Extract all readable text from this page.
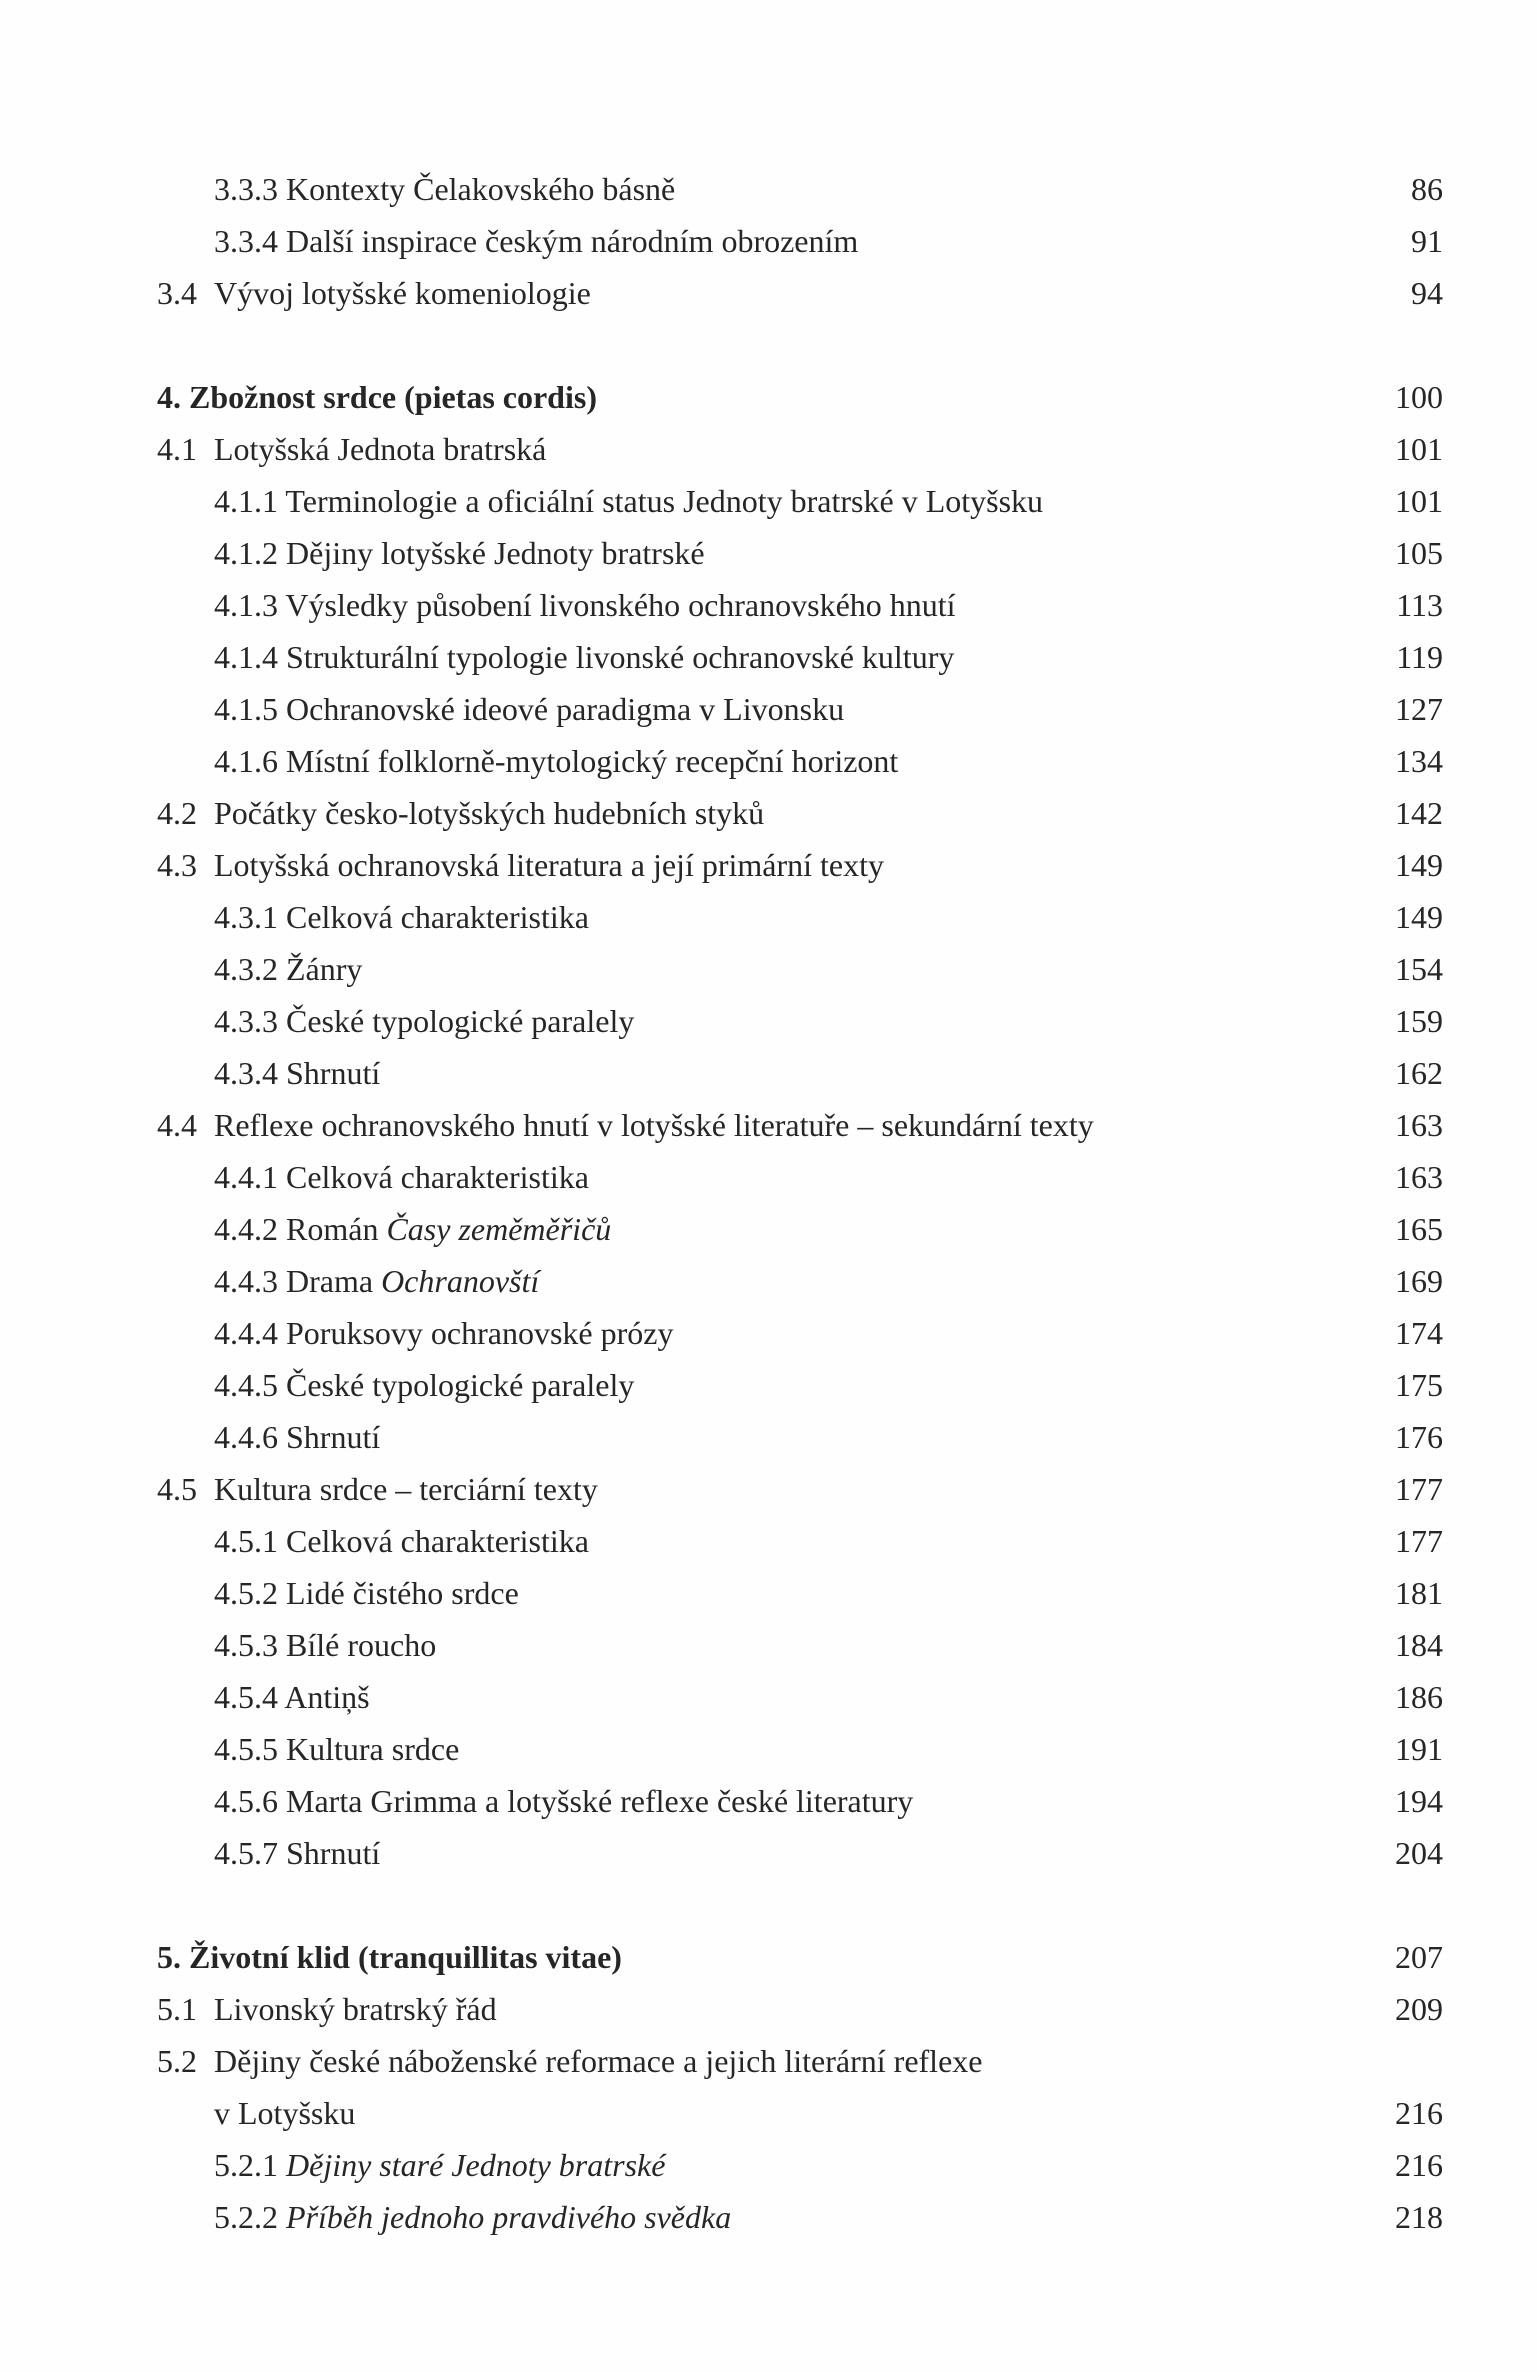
3.3.3 Kontexty Čelakovského básně	86
3.3.4 Další inspirace českým národním obrozením	91
3.4 Vývoj lotyšské komeniologie	94
4. Zbožnost srdce (pietas cordis)	100
4.1 Lotyšská Jednota bratrská	101
4.1.1 Terminologie a oficiální status Jednoty bratrské v Lotyšsku	101
4.1.2 Dějiny lotyšské Jednoty bratrské	105
4.1.3 Výsledky působení livonského ochranovského hnutí	113
4.1.4 Strukturální typologie livonské ochranovské kultury	119
4.1.5 Ochranovské ideové paradigma v Livonsku	127
4.1.6 Místní folklorně-mytologický recepční horizont	134
4.2 Počátky česko-lotyšských hudebních styků	142
4.3 Lotyšská ochranovská literatura a její primární texty	149
4.3.1 Celková charakteristika	149
4.3.2 Žánry	154
4.3.3 České typologické paralely	159
4.3.4 Shrnutí	162
4.4 Reflexe ochranovského hnutí v lotyšské literatuře – sekundární texty	163
4.4.1 Celková charakteristika	163
4.4.2 Román Časy zeměměřičů	165
4.4.3 Drama Ochranovští	169
4.4.4 Poruksovy ochranovské prózy	174
4.4.5 České typologické paralely	175
4.4.6 Shrnutí	176
4.5 Kultura srdce – terciární texty	177
4.5.1 Celková charakteristika	177
4.5.2 Lidé čistého srdce	181
4.5.3 Bílé roucho	184
4.5.4 Antiņš	186
4.5.5 Kultura srdce	191
4.5.6 Marta Grimma a lotyšské reflexe české literatury	194
4.5.7 Shrnutí	204
5. Životní klid (tranquillitas vitae)	207
5.1 Livonský bratrský řád	209
5.2 Dějiny české náboženské reformace a jejich literární reflexe
v Lotyšsku	216
5.2.1 Dějiny staré Jednoty bratrské	216
5.2.2 Příběh jednoho pravdivého svědka	218
